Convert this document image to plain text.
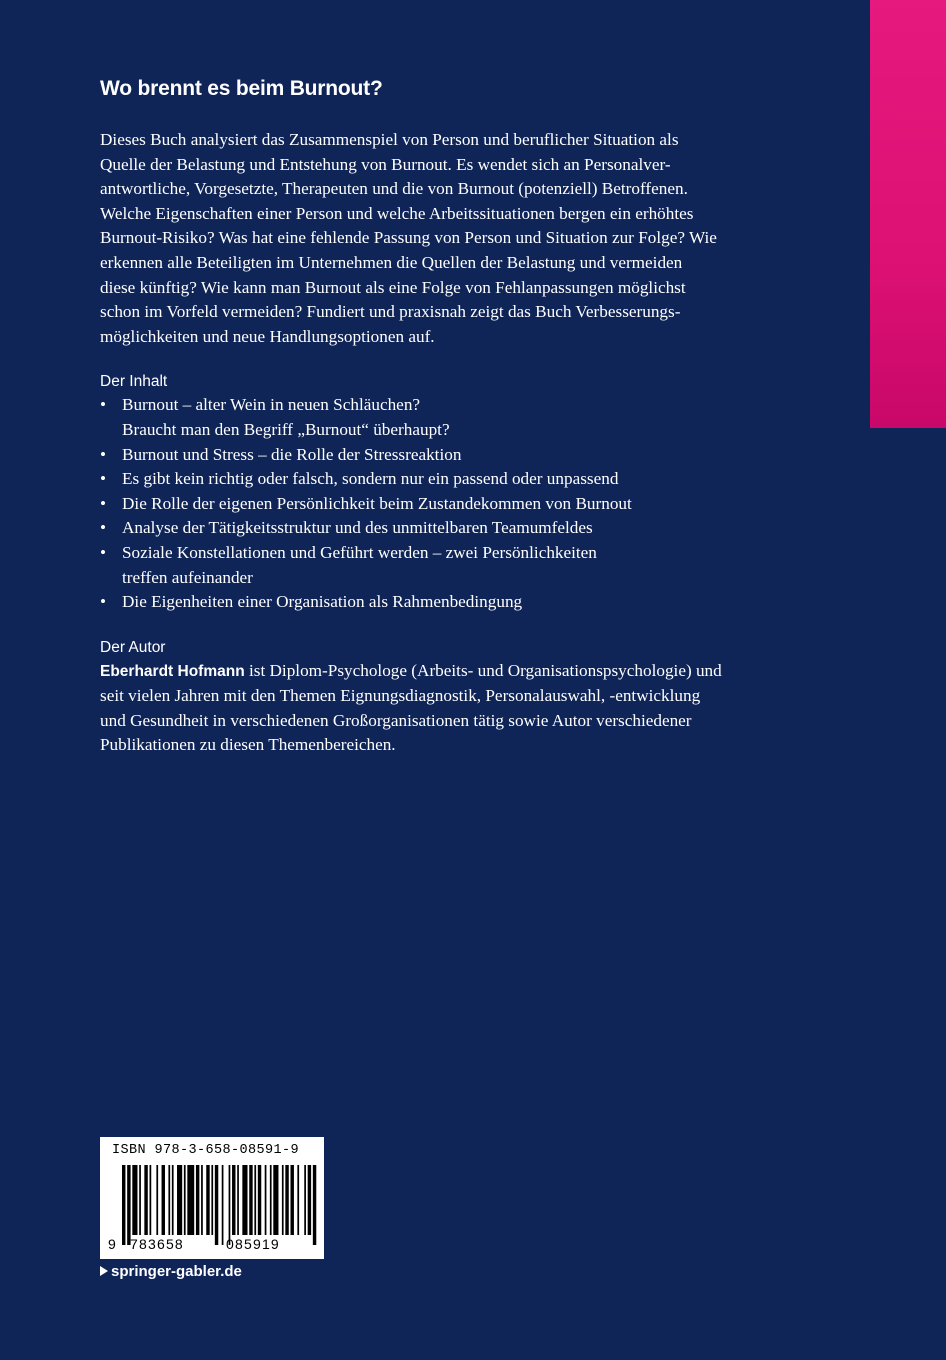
Wo brennt es beim Burnout?

Dieses Buch analysiert das Zusammenspiel von Person und beruflicher Situation als
Quelle der Belastung und Entstehung von Burnout. Es wendet sich an Personalver-
antwortliche, Vorgesetzte, Therapeuten und die von Burnout (potenziell) Betroffenen.
Welche Eigenschaften einer Person und welche Arbeitssituationen bergen ein erhöhtes
Burnout-Risiko? Was hat eine fehlende Passung von Person und Situation zur Folge? Wie
erkennen alle Beteiligten im Unternehmen die Quellen der Belastung und vermeiden
diese künftig? Wie kann man Burnout als eine Folge von Fehlanpassungen möglichst
schon im Vorfeld vermeiden? Fundiert und praxisnah zeigt das Buch Verbesserungs-
möglichkeiten und neue Handlungsoptionen auf.

Der Inhalt
• Burnout – alter Wein in neuen Schläuchen?
Braucht man den Begriff „Burnout“ überhaupt?
• Burnout und Stress – die Rolle der Stressreaktion
• Es gibt kein richtig oder falsch, sondern nur ein passend oder unpassend
• Die Rolle der eigenen Persönlichkeit beim Zustandekommen von Burnout
• Analyse der Tätigkeitsstruktur und des unmittelbaren Teamumfeldes
• Soziale Konstellationen und Geführt werden – zwei Persönlichkeiten
treffen aufeinander
• Die Eigenheiten einer Organisation als Rahmenbedingung
Der Autor

Eberhardt Hofmann ist Diplom-Psychologe (Arbeits- und Organisationspsychologie) und
seit vielen Jahren mit den Themen Eignungsdiagnostik, Personalauswahl, -entwicklung
und Gesundheit in verschiedenen Großorganisationen tätig sowie Autor verschiedener
Publikationen zu diesen Themenbereichen.

ISBN 978-3-658-08591-9
9 783658	085919
springer-gabler.de
